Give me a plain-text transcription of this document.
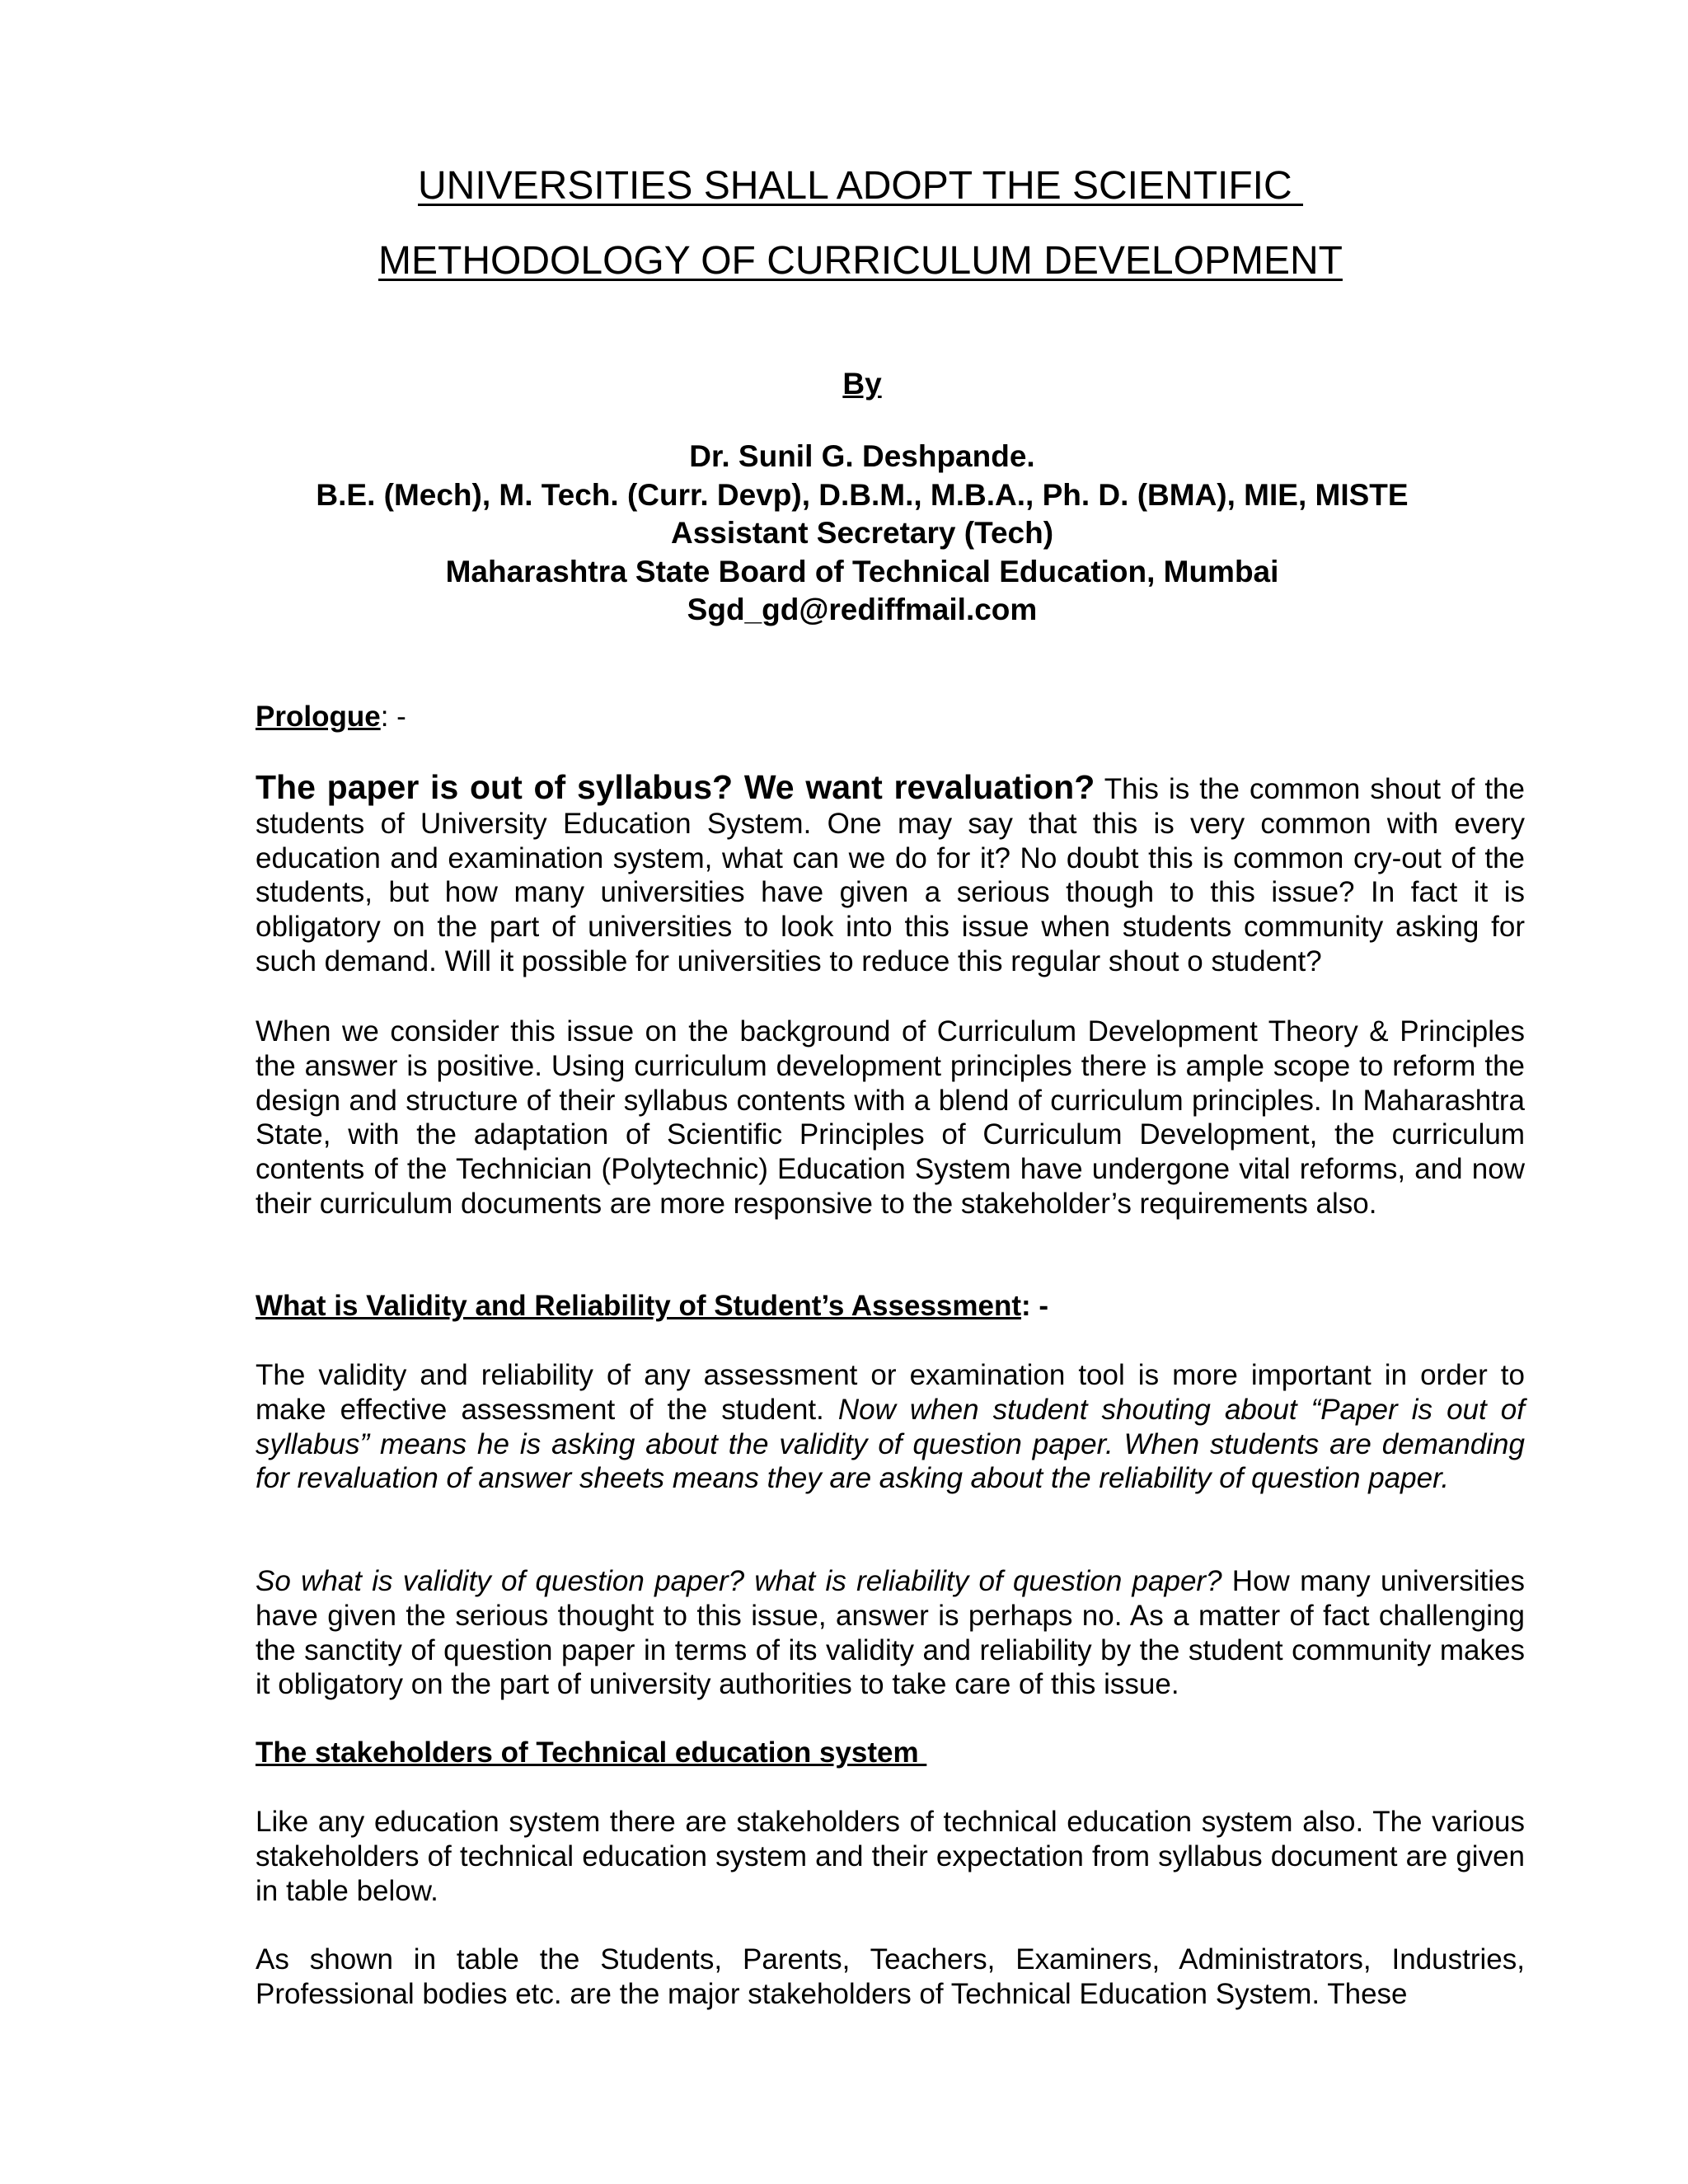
UNIVERSITIES SHALL ADOPT THE SCIENTIFIC
METHODOLOGY OF CURRICULUM DEVELOPMENT
By
Dr. Sunil G. Deshpande.
B.E. (Mech), M. Tech. (Curr. Devp), D.B.M., M.B.A., Ph. D. (BMA), MIE, MISTE
Assistant Secretary (Tech)
Maharashtra State Board of Technical Education, Mumbai
Sgd_gd@rediffmail.com
Prologue: -
The paper is out of syllabus? We want revaluation? This is the common shout of the students of University Education System. One may say that this is very common with every education and examination system, what can we do for it? No doubt this is common cry-out of the students, but how many universities have given a serious though to this issue? In fact it is obligatory on the part of universities to look into this issue when students community asking for such demand. Will it possible for universities to reduce this regular shout o student?
When we consider this issue on the background of Curriculum Development Theory & Principles the answer is positive. Using curriculum development principles there is ample scope to reform the design and structure of their syllabus contents with a blend of curriculum principles. In Maharashtra State, with the adaptation of Scientific Principles of Curriculum Development, the curriculum contents of the Technician (Polytechnic) Education System have undergone vital reforms, and now their curriculum documents are more responsive to the stakeholder’s requirements also.
What is Validity and Reliability of Student’s Assessment: -
The validity and reliability of any assessment or examination tool is more important in order to make effective assessment of the student. Now when student shouting about “Paper is out of syllabus” means he is asking about the validity of question paper. When students are demanding for revaluation of answer sheets means they are asking about the reliability of question paper.
So what is validity of question paper? what is reliability of question paper? How many universities have given the serious thought to this issue, answer is perhaps no. As a matter of fact challenging the sanctity of question paper in terms of its validity and reliability by the student community makes it obligatory on the part of university authorities to take care of this issue.
The stakeholders of Technical education system
Like any education system there are stakeholders of technical education system also. The various stakeholders of technical education system and their expectation from syllabus document are given in table below.
As shown in table the Students, Parents, Teachers, Examiners, Administrators, Industries, Professional bodies etc. are the major stakeholders of Technical Education System. These
